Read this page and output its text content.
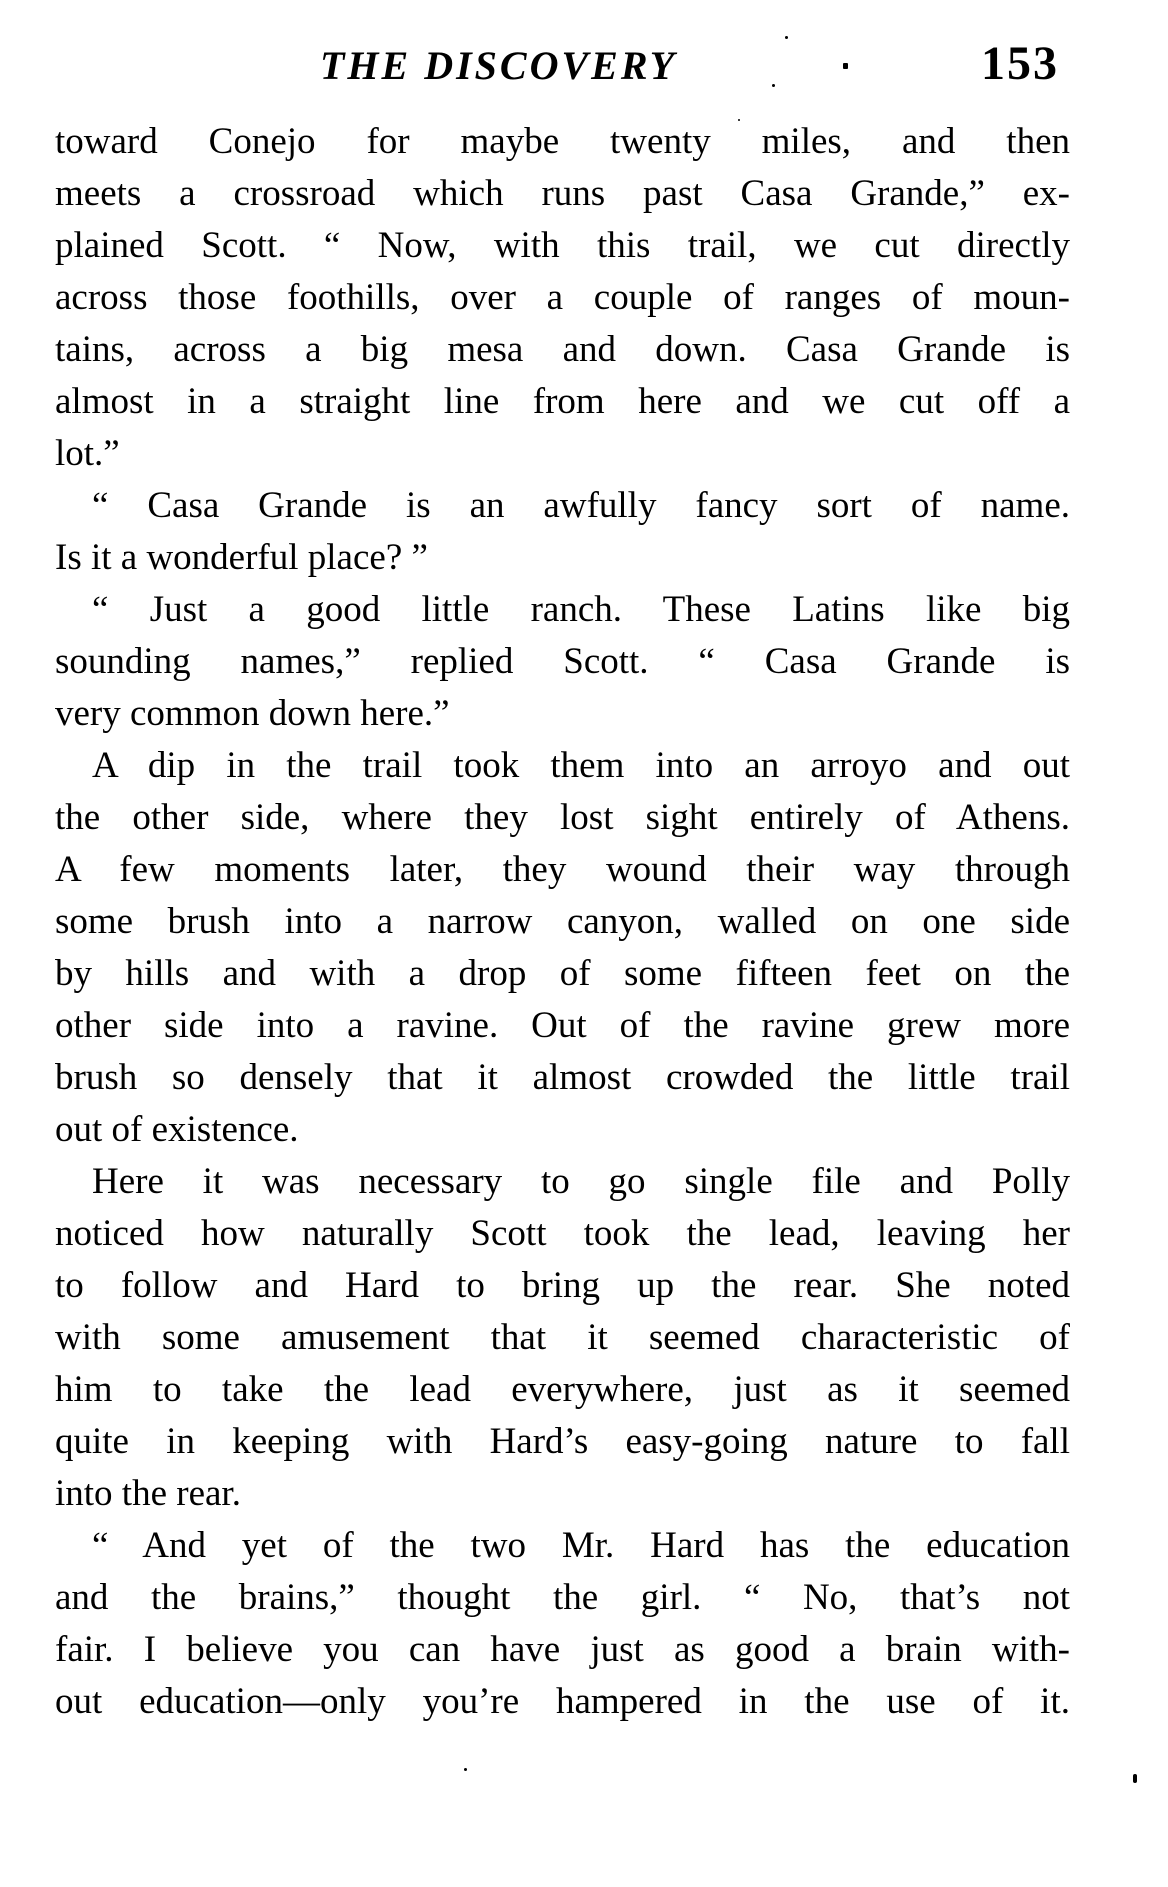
THE DISCOVERY	153
toward Conejo for maybe twenty miles, and then
meets a crossroad which runs past Casa Grande,” ex-
plained Scott. “ Now, with this trail, we cut directly
across those foothills, over a couple of ranges of moun-
tains, across a big mesa and down. Casa Grande is
almost in a straight line from here and we cut off a
lot.”
“ Casa Grande is an awfully fancy sort of name.
Is it a wonderful place? ”
“ Just a good little ranch. These Latins like big
sounding names,” replied Scott. “ Casa Grande is
very common down here.”
A dip in the trail took them into an arroyo and out
the other side, where they lost sight entirely of Athens.
A few moments later, they wound their way through
some brush into a narrow canyon, walled on one side
by hills and with a drop of some fifteen feet on the
other side into a ravine. Out of the ravine grew more
brush so densely that it almost crowded the little trail
out of existence.
Here it was necessary to go single file and Polly
noticed how naturally Scott took the lead, leaving her
to follow and Hard to bring up the rear. She noted
with some amusement that it seemed characteristic of
him to take the lead everywhere, just as it seemed
quite in keeping with Hard’s easy-going nature to fall
into the rear.
“ And yet of the two Mr. Hard has the education
and the brains,” thought the girl. “ No, that’s not
fair. I believe you can have just as good a brain with-
out education—only you’re hampered in the use of it.
